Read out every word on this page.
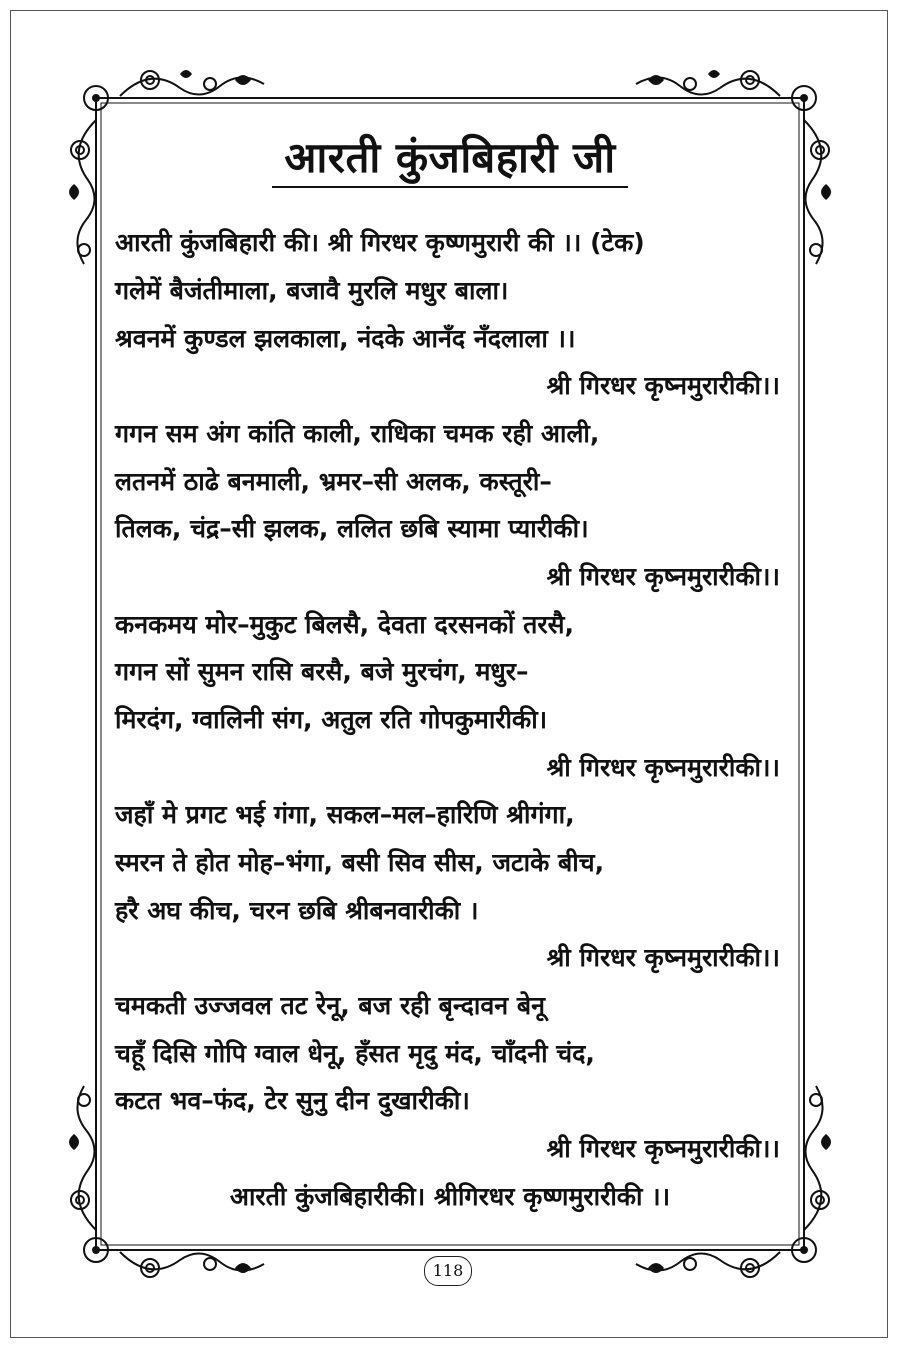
आरती कुंजबिहारी जी
आरती कुंजबिहारी की। श्री गिरधर कृष्णमुरारी की ।। (टेक)
गलेमें बैजंतीमाला, बजावै मुरलि मधुर बाला।
श्रवनमें कुण्डल झलकाला, नंदके आनँद नँदलाला ।।
श्री गिरधर कृष्नमुरारीकी।।
गगन सम अंग कांति काली, राधिका चमक रही आली,
लतनमें ठाढे बनमाली, भ्रमर–सी अलक, कस्तूरी–
तिलक, चंद्र–सी झलक, ललित छबि स्यामा प्यारीकी।
श्री गिरधर कृष्नमुरारीकी।।
कनकमय मोर–मुकुट बिलसै, देवता दरसनकों तरसै,
गगन सों सुमन रासि बरसै, बजे मुरचंग, मधुर–
मिरदंग, ग्वालिनी संग, अतुल रति गोपकुमारीकी।
श्री गिरधर कृष्नमुरारीकी।।
जहाँ मे प्रगट भई गंगा, सकल–मल–हारिणि श्रीगंगा,
स्मरन ते होत मोह–भंगा, बसी सिव सीस, जटाके बीच,
हरै अघ कीच, चरन छबि श्रीबनवारीकी ।
श्री गिरधर कृष्नमुरारीकी।।
चमकती उज्जवल तट रेनू, बज रही बृन्दावन बेनू
चहूँ दिसि गोपि ग्वाल धेनू, हँसत मृदु मंद, चाँदनी चंद,
कटत भव–फंद, टेर सुनु दीन दुखारीकी।
श्री गिरधर कृष्नमुरारीकी।।
आरती कुंजबिहारीकी। श्रीगिरधर कृष्णमुरारीकी ।।
118
